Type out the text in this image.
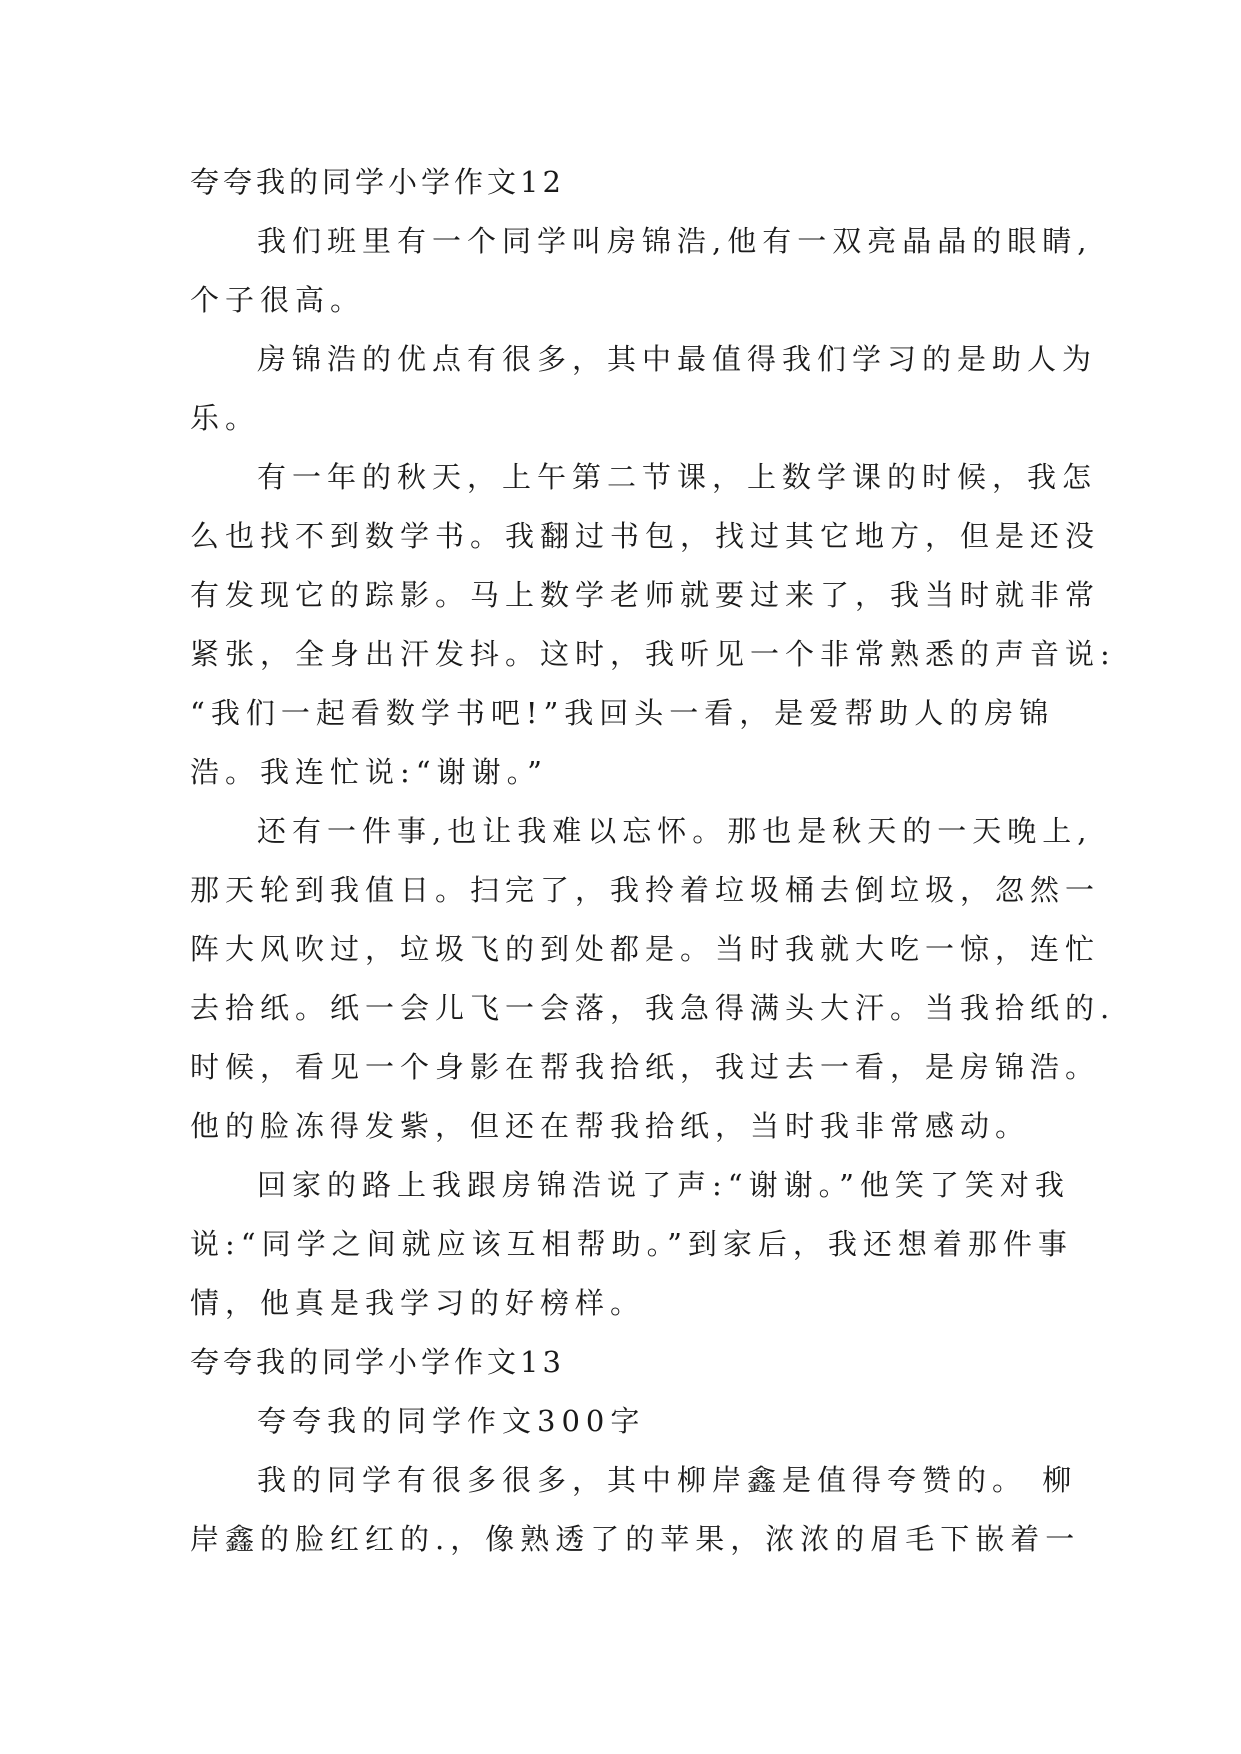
夸夸我的同学小学作文12
我们班里有一个同学叫房锦浩,他有一双亮晶晶的眼睛,
个子很高。
房锦浩的优点有很多，其中最值得我们学习的是助人为
乐。
有一年的秋天，上午第二节课，上数学课的时候，我怎
么也找不到数学书。我翻过书包，找过其它地方，但是还没
有发现它的踪影。马上数学老师就要过来了，我当时就非常
紧张，全身出汗发抖。这时，我听见一个非常熟悉的声音说:
“我们一起看数学书吧!”我回头一看，是爱帮助人的房锦
浩。我连忙说:“谢谢。”
还有一件事,也让我难以忘怀。那也是秋天的一天晚上,
那天轮到我值日。扫完了，我拎着垃圾桶去倒垃圾，忽然一
阵大风吹过，垃圾飞的到处都是。当时我就大吃一惊，连忙
去拾纸。纸一会儿飞一会落，我急得满头大汗。当我拾纸的.
时候，看见一个身影在帮我拾纸，我过去一看，是房锦浩。
他的脸冻得发紫，但还在帮我拾纸，当时我非常感动。
回家的路上我跟房锦浩说了声:“谢谢。”他笑了笑对我
说:“同学之间就应该互相帮助。”到家后，我还想着那件事
情，他真是我学习的好榜样。
夸夸我的同学小学作文13
夸夸我的同学作文300字
我的同学有很多很多，其中柳岸鑫是值得夸赞的。 柳
岸鑫的脸红红的.，像熟透了的苹果，浓浓的眉毛下嵌着一
